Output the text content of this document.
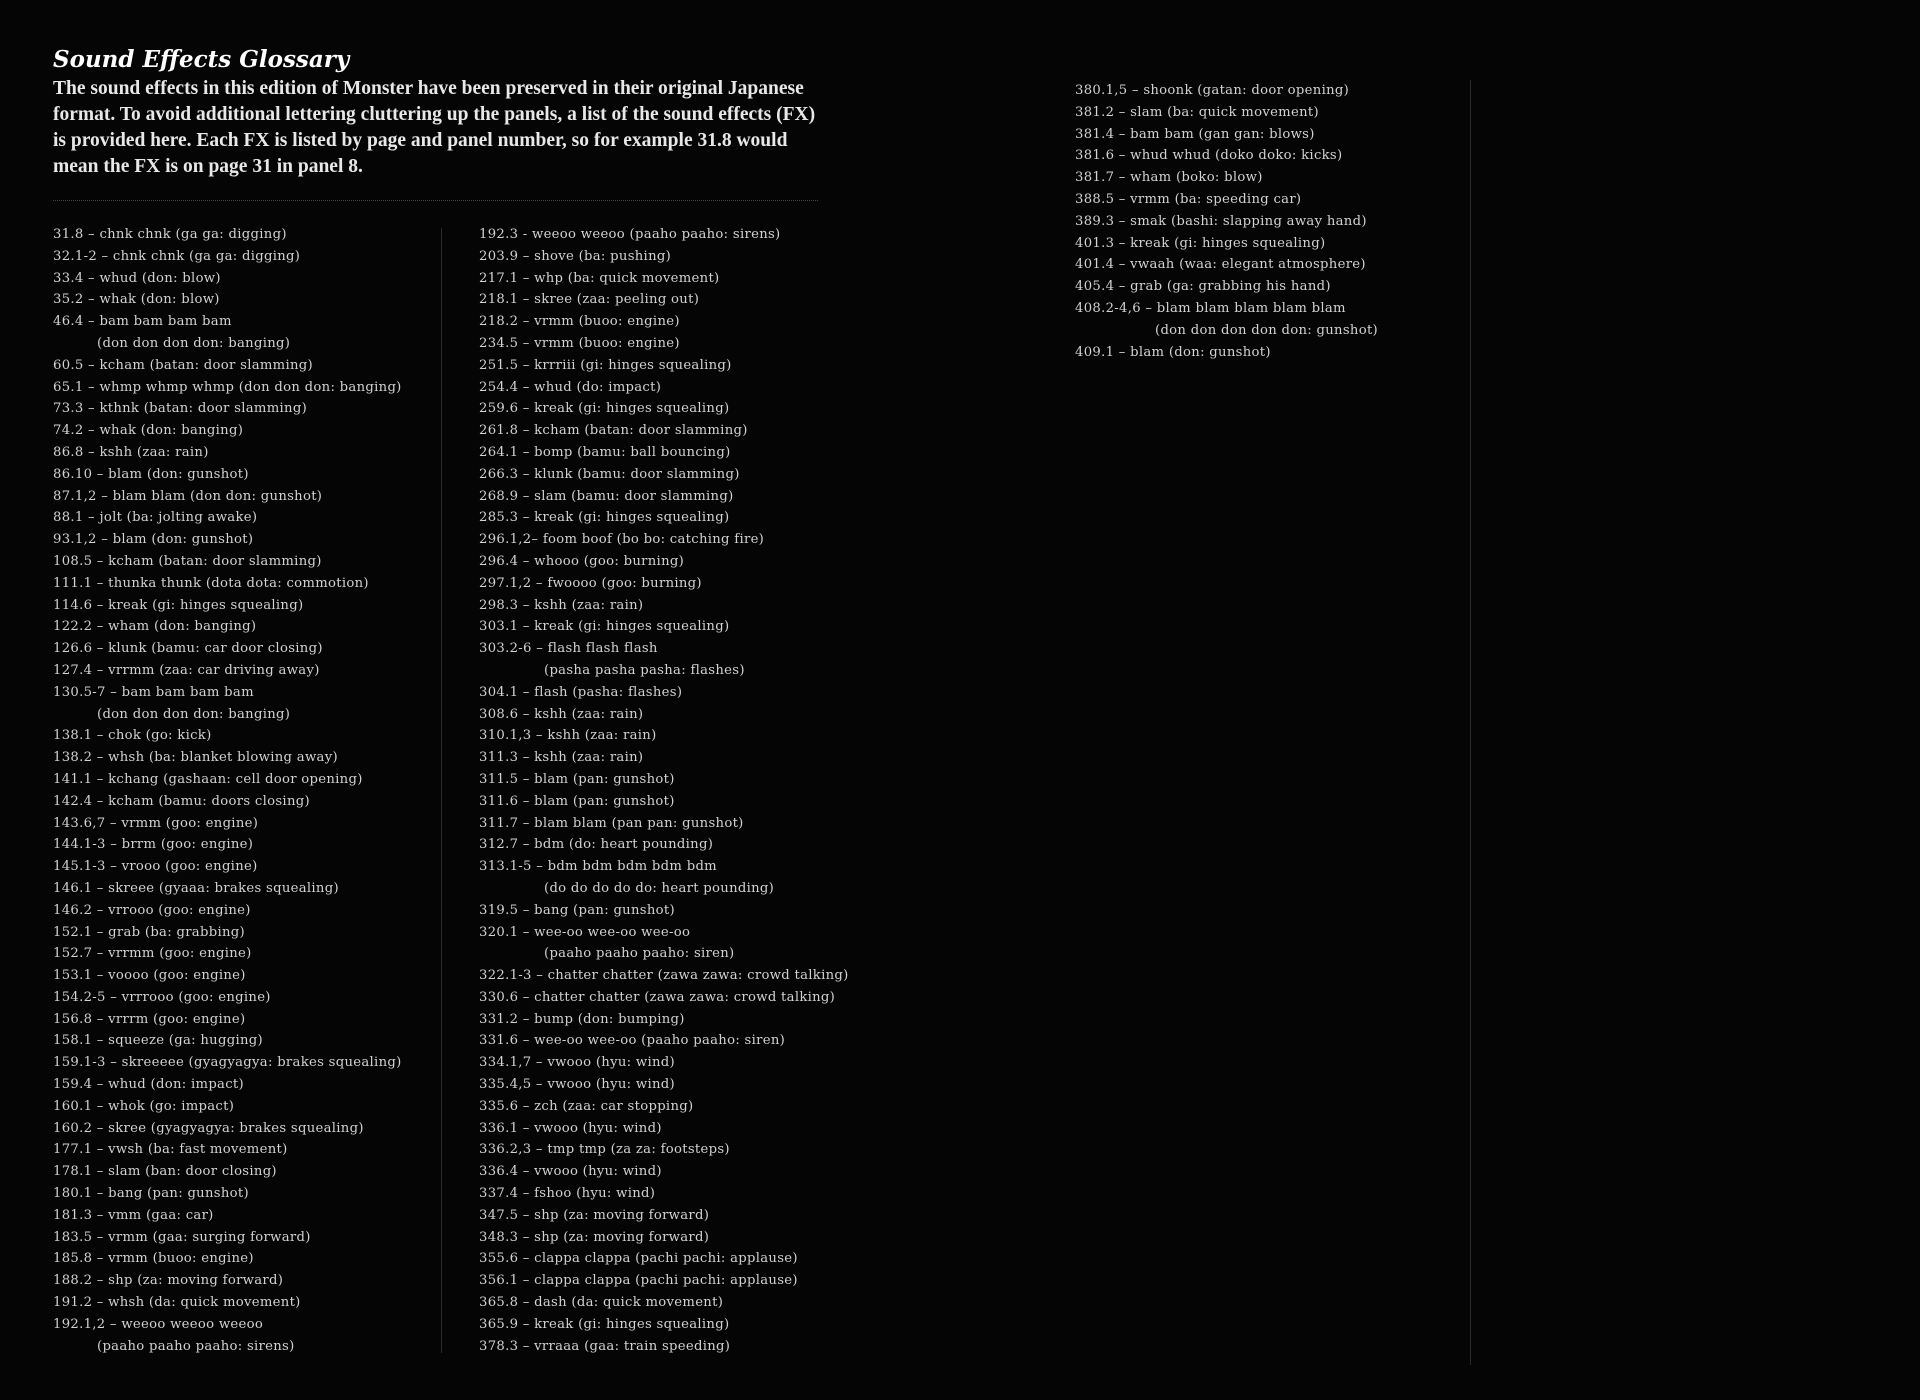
Sound Effects Glossary

The sound effects in this edition of Monster have been preserved in their original Japanese format. To avoid additional lettering cluttering up the panels, a list of the sound effects (FX) is provided here. Each FX is listed by page and panel number, so for example 31.8 would mean the FX is on page 31 in panel 8.

31.8 – chnk chnk (ga ga: digging)
32.1-2 – chnk chnk (ga ga: digging)
33.4 – whud (don: blow)
35.2 – whak (don: blow)
46.4 – bam bam bam bam
(don don don don: banging)
60.5 – kcham (batan: door slamming)
65.1 – whmp whmp whmp (don don don: banging)
73.3 – kthnk (batan: door slamming)
74.2 – whak (don: banging)
86.8 – kshh (zaa: rain)
86.10 – blam (don: gunshot)
87.1,2 – blam blam (don don: gunshot)
88.1 – jolt (ba: jolting awake)
93.1,2 – blam (don: gunshot)
108.5 – kcham (batan: door slamming)
111.1 – thunka thunk (dota dota: commotion)
114.6 – kreak (gi: hinges squealing)
122.2 – wham (don: banging)
126.6 – klunk (bamu: car door closing)
127.4 – vrrmm (zaa: car driving away)
130.5-7 – bam bam bam bam
(don don don don: banging)
138.1 – chok (go: kick)
138.2 – whsh (ba: blanket blowing away)
141.1 – kchang (gashaan: cell door opening)
142.4 – kcham (bamu: doors closing)
143.6,7 – vrmm (goo: engine)
144.1-3 – brrm (goo: engine)
145.1-3 – vrooo (goo: engine)
146.1 – skreee (gyaaa: brakes squealing)
146.2 – vrrooo (goo: engine)
152.1 – grab (ba: grabbing)
152.7 – vrrmm (goo: engine)
153.1 – voooo (goo: engine)
154.2-5 – vrrrooo (goo: engine)
156.8 – vrrrm (goo: engine)
158.1 – squeeze (ga: hugging)
159.1-3 – skreeeee (gyagyagya: brakes squealing)
159.4 – whud (don: impact)
160.1 – whok (go: impact)
160.2 – skree (gyagyagya: brakes squealing)
177.1 – vwsh (ba: fast movement)
178.1 – slam (ban: door closing)
180.1 – bang (pan: gunshot)
181.3 – vmm (gaa: car)
183.5 – vrmm (gaa: surging forward)
185.8 – vrmm (buoo: engine)
188.2 – shp (za: moving forward)
191.2 – whsh (da: quick movement)
192.1,2 – weeoo weeoo weeoo
(paaho paaho paaho: sirens)
192.3 - weeoo weeoo (paaho paaho: sirens)
203.9 – shove (ba: pushing)
217.1 – whp (ba: quick movement)
218.1 – skree (zaa: peeling out)
218.2 – vrmm (buoo: engine)
234.5 – vrmm (buoo: engine)
251.5 – krrriii (gi: hinges squealing)
254.4 – whud (do: impact)
259.6 – kreak (gi: hinges squealing)
261.8 – kcham (batan: door slamming)
264.1 – bomp (bamu: ball bouncing)
266.3 – klunk (bamu: door slamming)
268.9 – slam (bamu: door slamming)
285.3 – kreak (gi: hinges squealing)
296.1,2– foom boof (bo bo: catching fire)
296.4 – whooo (goo: burning)
297.1,2 – fwoooo (goo: burning)
298.3 – kshh (zaa: rain)
303.1 – kreak (gi: hinges squealing)
303.2-6 – flash flash flash
(pasha pasha pasha: flashes)
304.1 – flash (pasha: flashes)
308.6 – kshh (zaa: rain)
310.1,3 – kshh (zaa: rain)
311.3 – kshh (zaa: rain)
311.5 – blam (pan: gunshot)
311.6 – blam (pan: gunshot)
311.7 – blam blam (pan pan: gunshot)
312.7 – bdm (do: heart pounding)
313.1-5 – bdm bdm bdm bdm bdm
(do do do do do: heart pounding)
319.5 – bang (pan: gunshot)
320.1 – wee-oo wee-oo wee-oo
(paaho paaho paaho: siren)
322.1-3 – chatter chatter (zawa zawa: crowd talking)
330.6 – chatter chatter (zawa zawa: crowd talking)
331.2 – bump (don: bumping)
331.6 – wee-oo wee-oo (paaho paaho: siren)
334.1,7 – vwooo (hyu: wind)
335.4,5 – vwooo (hyu: wind)
335.6 – zch (zaa: car stopping)
336.1 – vwooo (hyu: wind)
336.2,3 – tmp tmp (za za: footsteps)
336.4 – vwooo (hyu: wind)
337.4 – fshoo (hyu: wind)
347.5 – shp (za: moving forward)
348.3 – shp (za: moving forward)
355.6 – clappa clappa (pachi pachi: applause)
356.1 – clappa clappa (pachi pachi: applause)
365.8 – dash (da: quick movement)
365.9 – kreak (gi: hinges squealing)
378.3 – vrraaa (gaa: train speeding)
380.1,5 – shoonk (gatan: door opening)
381.2 – slam (ba: quick movement)
381.4 – bam bam (gan gan: blows)
381.6 – whud whud (doko doko: kicks)
381.7 – wham (boko: blow)
388.5 – vrmm (ba: speeding car)
389.3 – smak (bashi: slapping away hand)
401.3 – kreak (gi: hinges squealing)
401.4 – vwaah (waa: elegant atmosphere)
405.4 – grab (ga: grabbing his hand)
408.2-4,6 – blam blam blam blam blam
(don don don don don: gunshot)
409.1 – blam (don: gunshot)
